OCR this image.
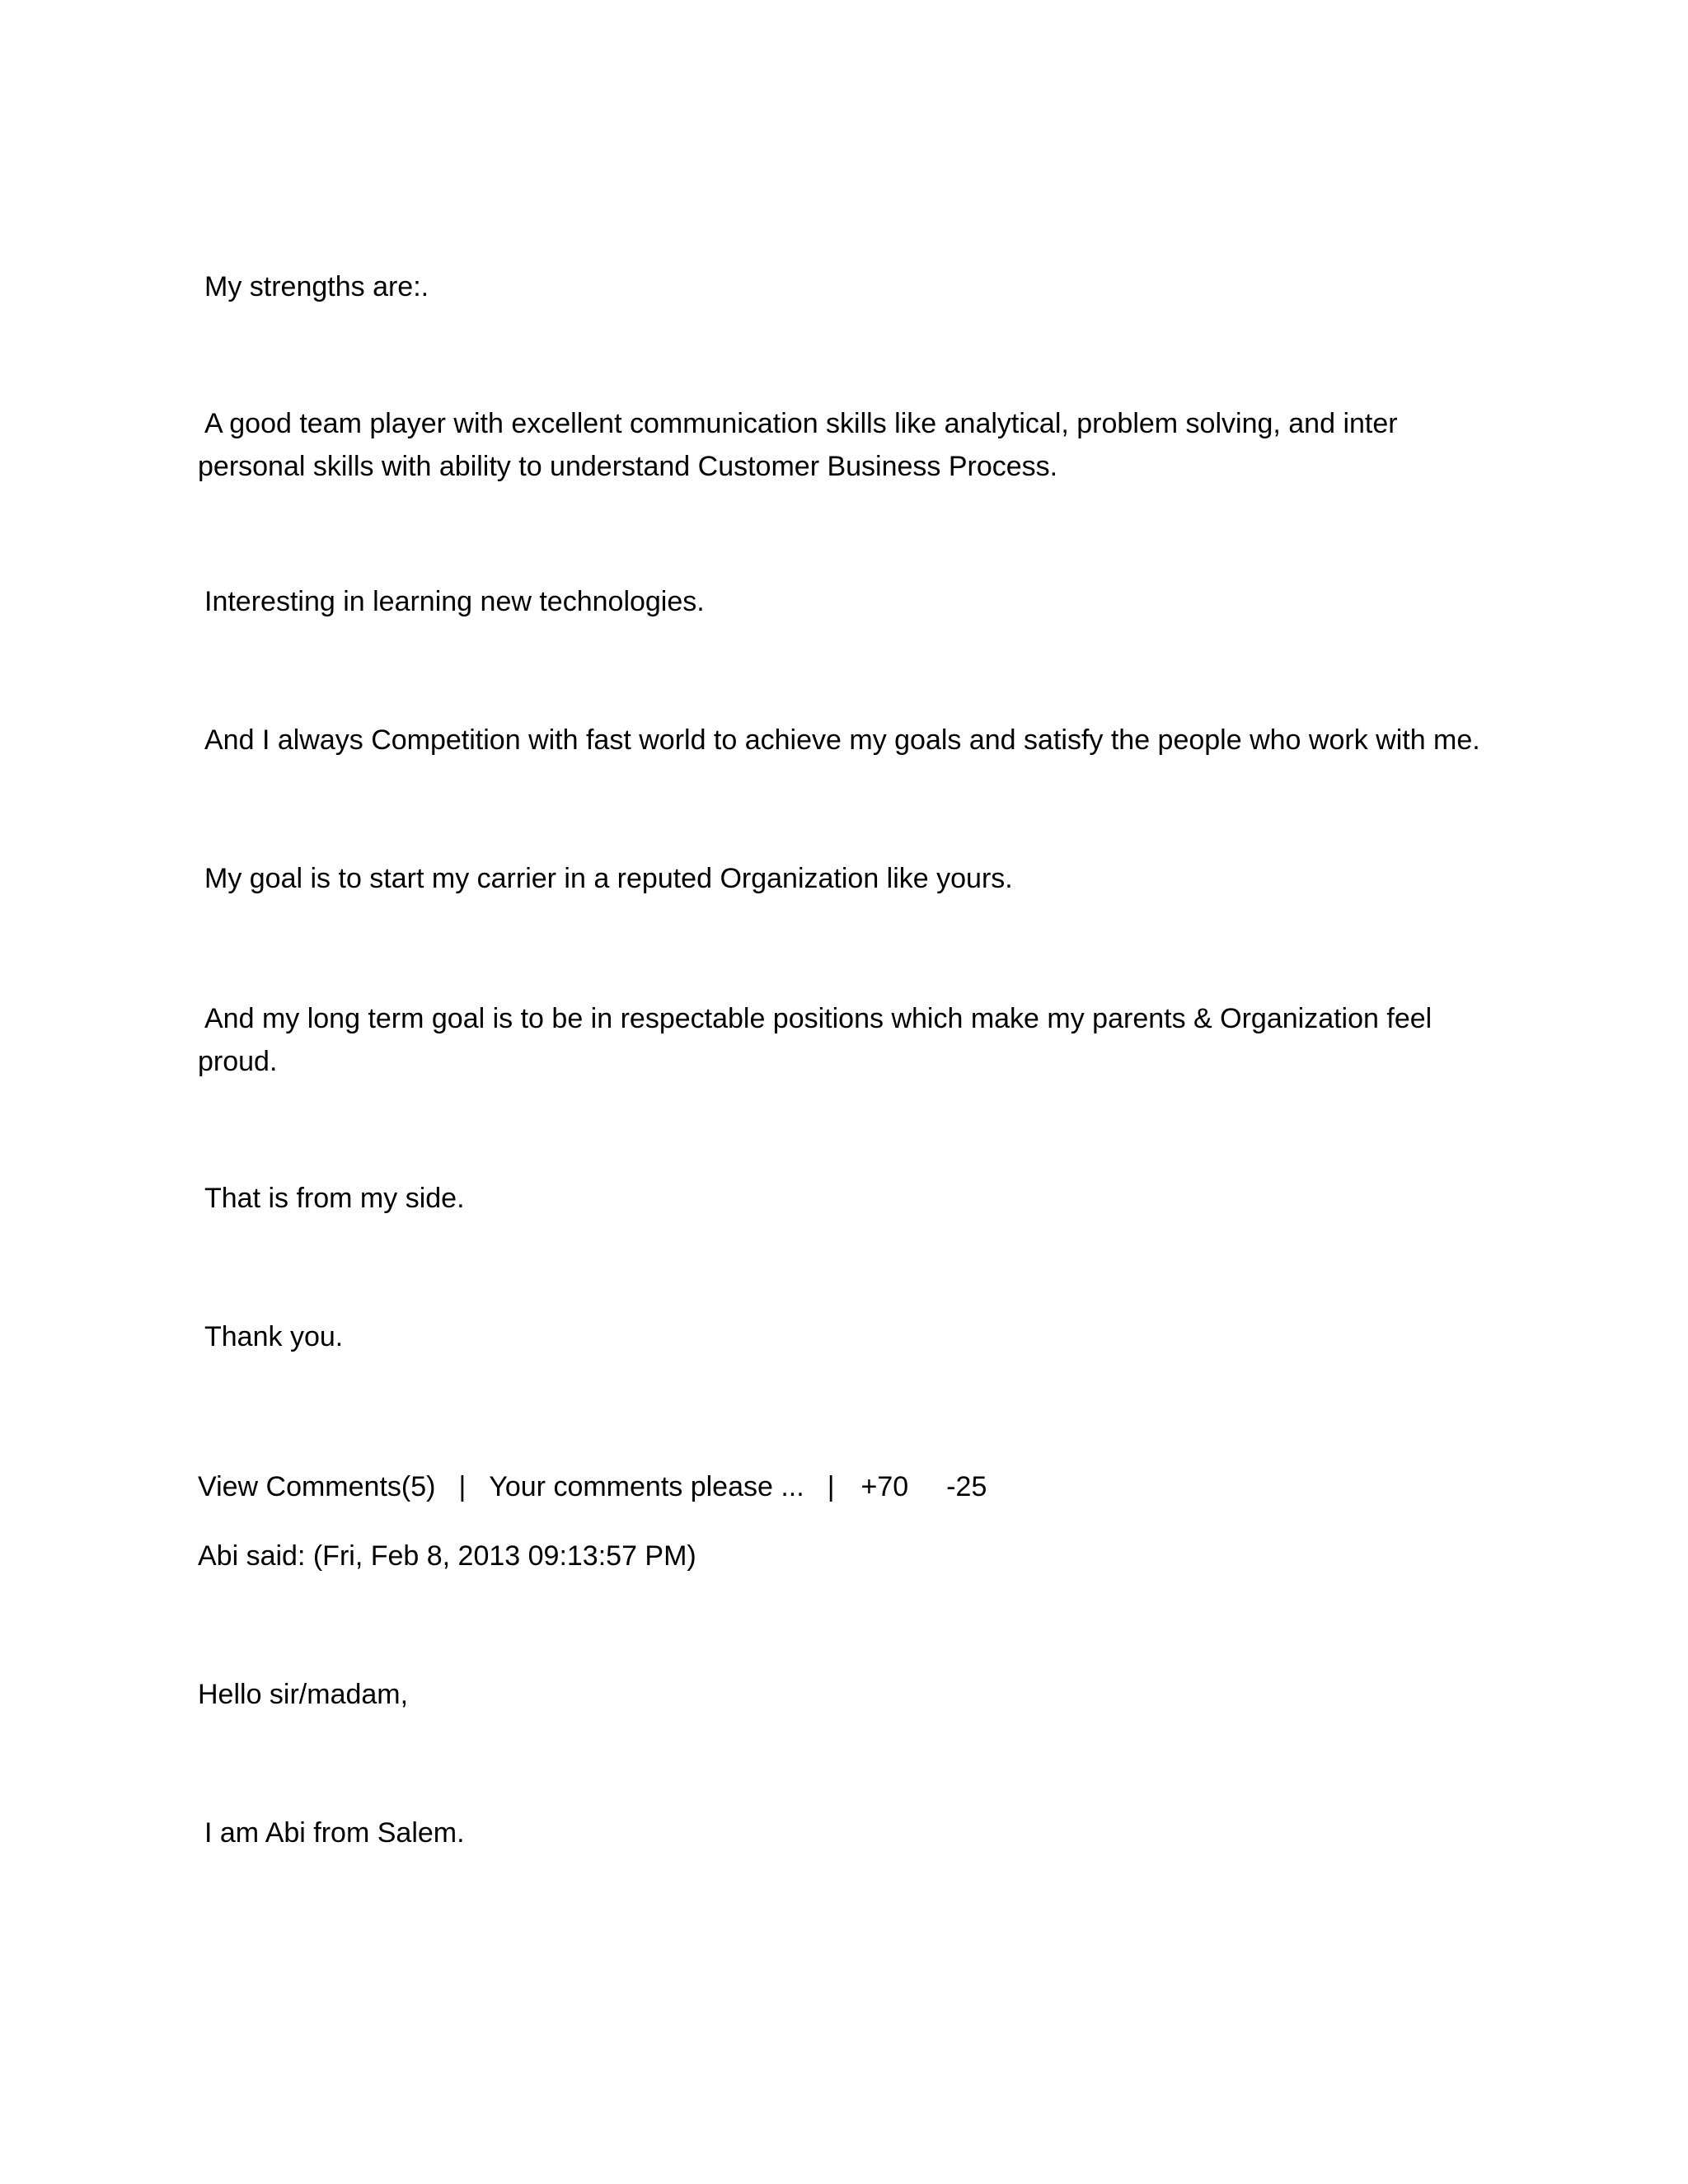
My strengths are:.

A good team player with excellent communication skills like analytical, problem solving, and inter personal skills with ability to understand Customer Business Process.

Interesting in learning new technologies.

And I always Competition with fast world to achieve my goals and satisfy the people who work with me.

My goal is to start my carrier in a reputed Organization like yours.

And my long term goal is to be in respectable positions which make my parents & Organization feel proud.

That is from my side.

Thank you.

View Comments(5) | Your comments please ... | +70 -25

Abi said: (Fri, Feb 8, 2013 09:13:57 PM)

Hello sir/madam,

I am Abi from Salem.
